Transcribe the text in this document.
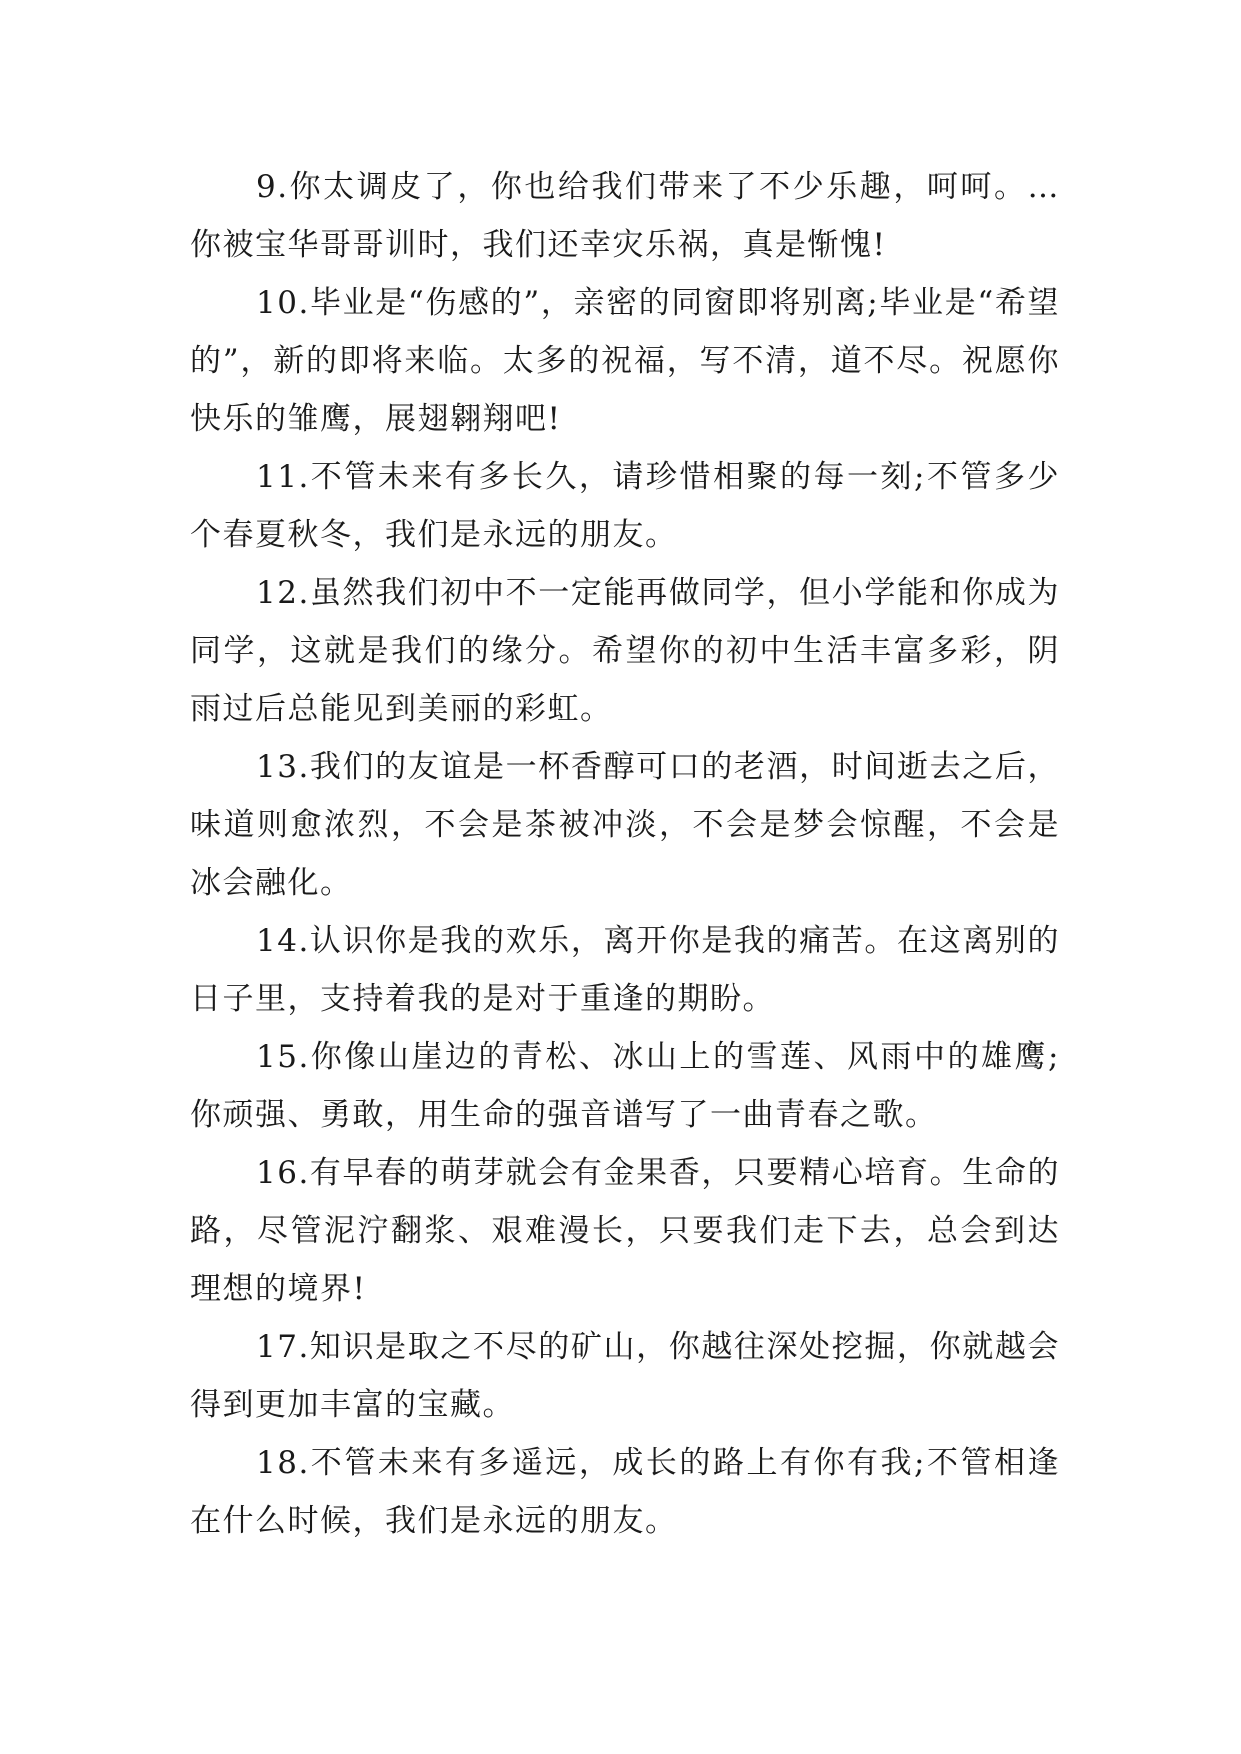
9.你太调皮了，你也给我们带来了不少乐趣，呵呵。…你被宝华哥哥训时，我们还幸灾乐祸，真是惭愧!

10.毕业是“伤感的”，亲密的同窗即将别离;毕业是“希望的”，新的即将来临。太多的祝福，写不清，道不尽。祝愿你快乐的雏鹰，展翅翱翔吧!

11.不管未来有多长久，请珍惜相聚的每一刻;不管多少个春夏秋冬，我们是永远的朋友。

12.虽然我们初中不一定能再做同学，但小学能和你成为同学，这就是我们的缘分。希望你的初中生活丰富多彩，阴雨过后总能见到美丽的彩虹。

13.我们的友谊是一杯香醇可口的老酒，时间逝去之后，味道则愈浓烈，不会是茶被冲淡，不会是梦会惊醒，不会是冰会融化。

14.认识你是我的欢乐，离开你是我的痛苦。在这离别的日子里，支持着我的是对于重逢的期盼。

15.你像山崖边的青松、冰山上的雪莲、风雨中的雄鹰;你顽强、勇敢，用生命的强音谱写了一曲青春之歌。

16.有早春的萌芽就会有金果香，只要精心培育。生命的路，尽管泥泞翻浆、艰难漫长，只要我们走下去，总会到达理想的境界!

17.知识是取之不尽的矿山，你越往深处挖掘，你就越会得到更加丰富的宝藏。

18.不管未来有多遥远，成长的路上有你有我;不管相逢在什么时候，我们是永远的朋友。
